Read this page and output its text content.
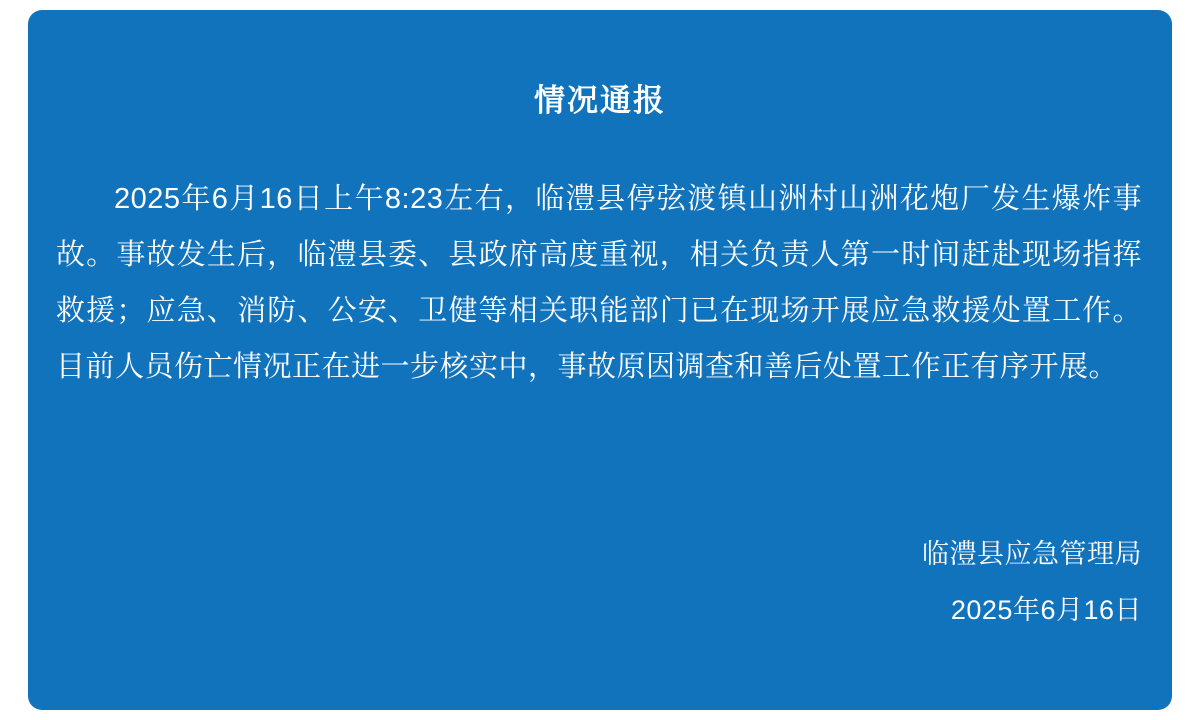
情况通报

2025年6月16日上午8:23左右，临澧县停弦渡镇山洲村山洲花炮厂发生爆炸事故。事故发生后，临澧县委、县政府高度重视，相关负责人第一时间赶赴现场指挥救援；应急、消防、公安、卫健等相关职能部门已在现场开展应急救援处置工作。目前人员伤亡情况正在进一步核实中，事故原因调查和善后处置工作正有序开展。

临澧县应急管理局
2025年6月16日
